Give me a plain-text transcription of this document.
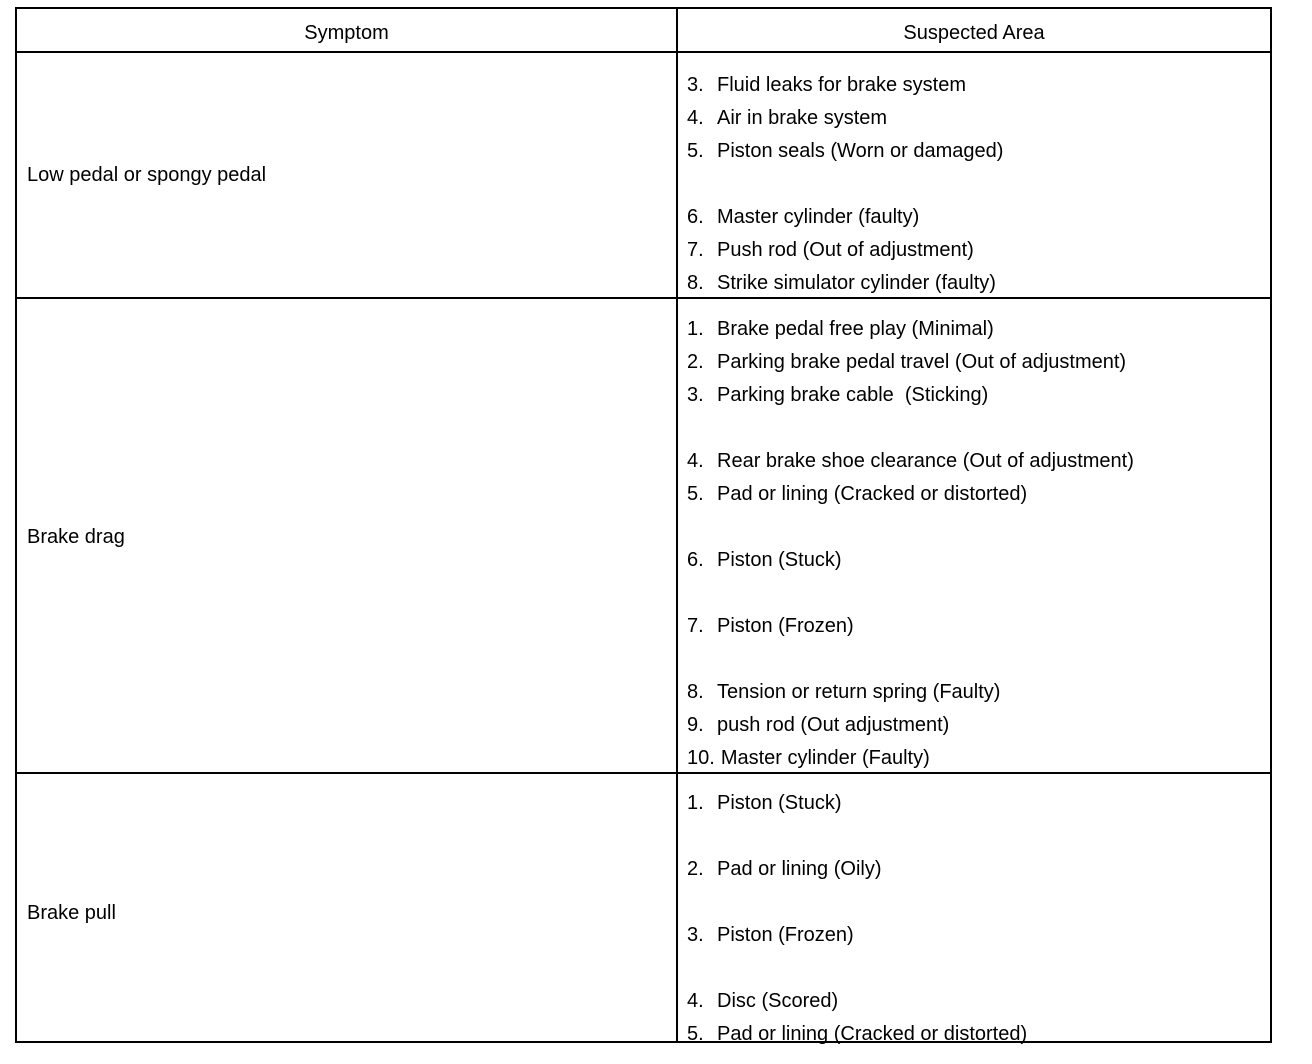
Symptom	Suspected Area
Low pedal or spongy pedal
3. Fluid leaks for brake system
4. Air in brake system
5. Piston seals (Worn or damaged)
6. Master cylinder (faulty)
7. Push rod (Out of adjustment)
8. Strike simulator cylinder (faulty)
Brake drag
1. Brake pedal free play (Minimal)
2. Parking brake pedal travel (Out of adjustment)
3. Parking brake cable  (Sticking)
4. Rear brake shoe clearance (Out of adjustment)
5. Pad or lining (Cracked or distorted)
6. Piston (Stuck)
7. Piston (Frozen)
8. Tension or return spring (Faulty)
9. push rod (Out adjustment)
10. Master cylinder (Faulty)
Brake pull
1. Piston (Stuck)
2. Pad or lining (Oily)
3. Piston (Frozen)
4. Disc (Scored)
5. Pad or lining (Cracked or distorted)
